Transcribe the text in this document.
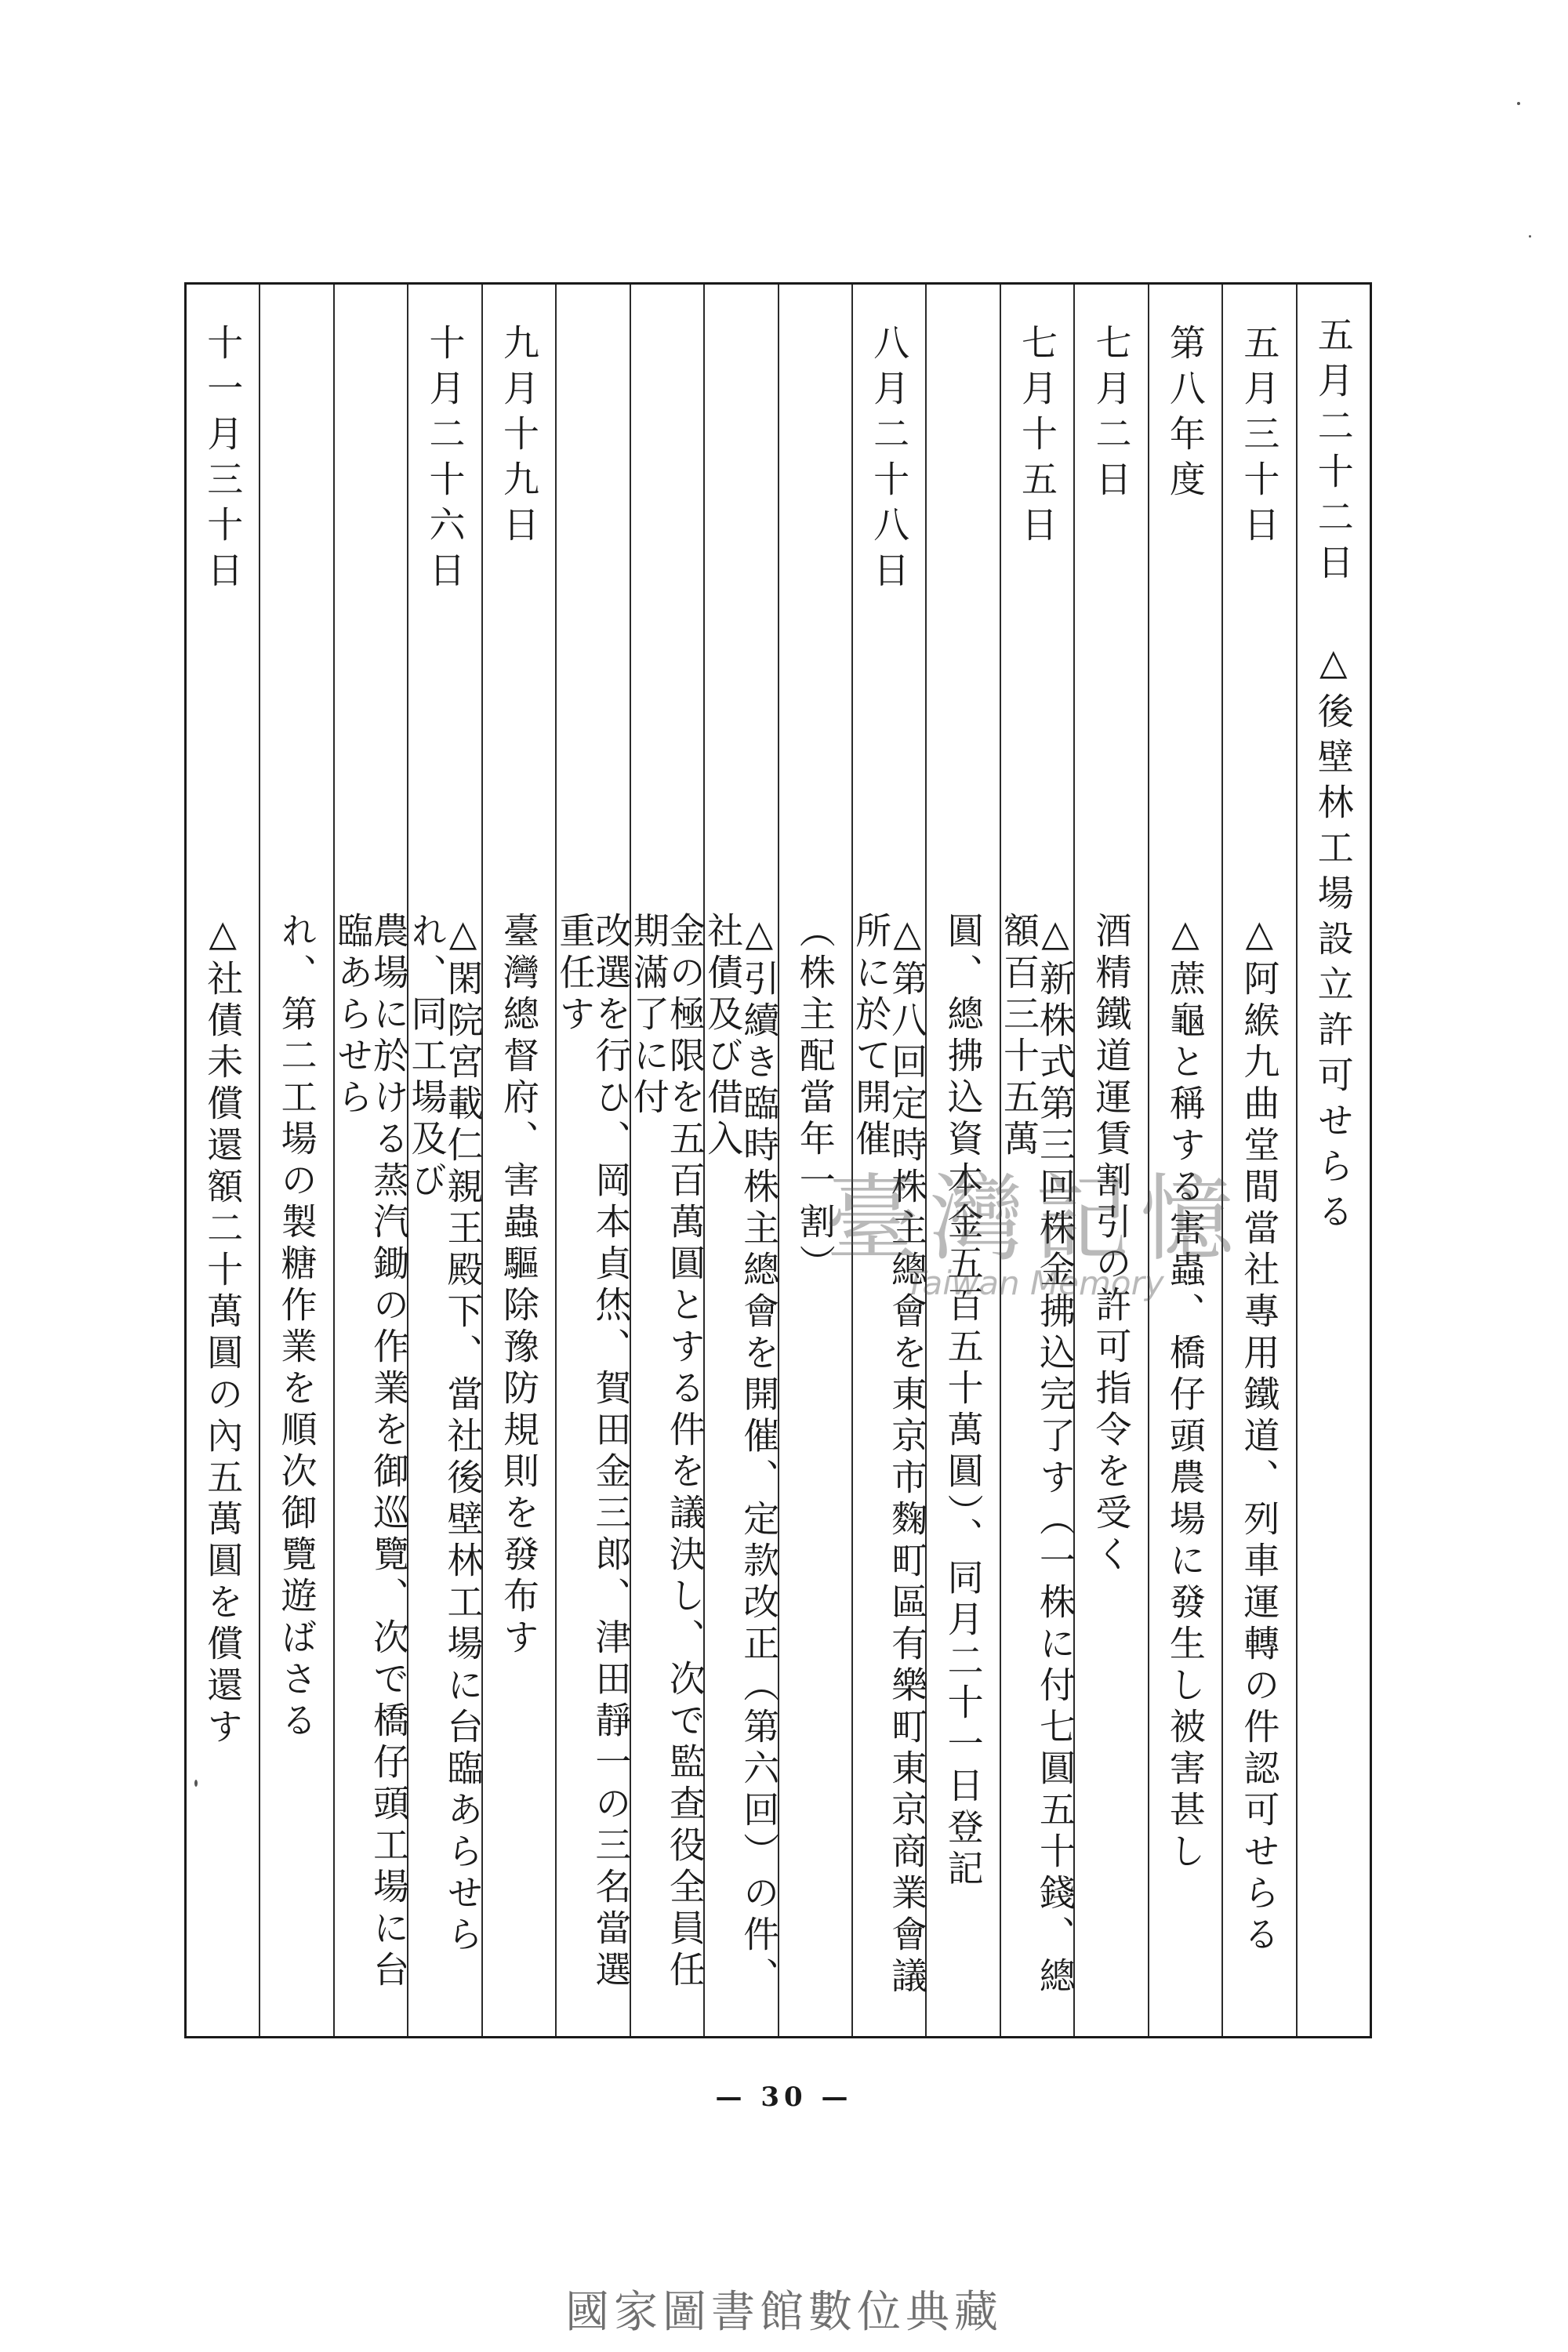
五月二十二日 △後壁林工場設立許可せらる
五月三十日
△阿緱九曲堂間當社專用鐵道、列車運轉の件認可せらる
第八年度
△蔗龜と稱する害蟲、橋仔頭農場に發生し被害甚し
七月二日
酒精鐵道運賃割引の許可指令を受く
七月十五日
△新株式第三回株金拂込完了す（一株に付七圓五十錢、總額百三十五萬
圓、總拂込資本金五百五十萬圓）、同月二十一日登記
八月二十八日
△第八回定時株主總會を東京市麴町區有樂町東京商業會議所に於て開催
（株主配當年一割）
△引續き臨時株主總會を開催、定款改正（第六回）の件、社債及び借入
金の極限を五百萬圓とする件を議決し、次で監查役全員任期滿了に付
改選を行ひ、岡本貞烋、賀田金三郎、津田靜一の三名當選重任す
九月十九日
臺灣總督府、害蟲驅除豫防規則を發布す
十月二十六日
△閑院宮載仁親王殿下、當社後壁林工場に台臨あらせられ、同工場及び
農場に於ける蒸汽鋤の作業を御巡覽、次で橋仔頭工場に台臨あらせら
れ、第二工場の製糖作業を順次御覽遊ばさる
十一月三十日
△社債未償還額二十萬圓の內五萬圓を償還す	臺灣記憶
Taiwan Memory
— 30 —
國家圖書館數位典藏
